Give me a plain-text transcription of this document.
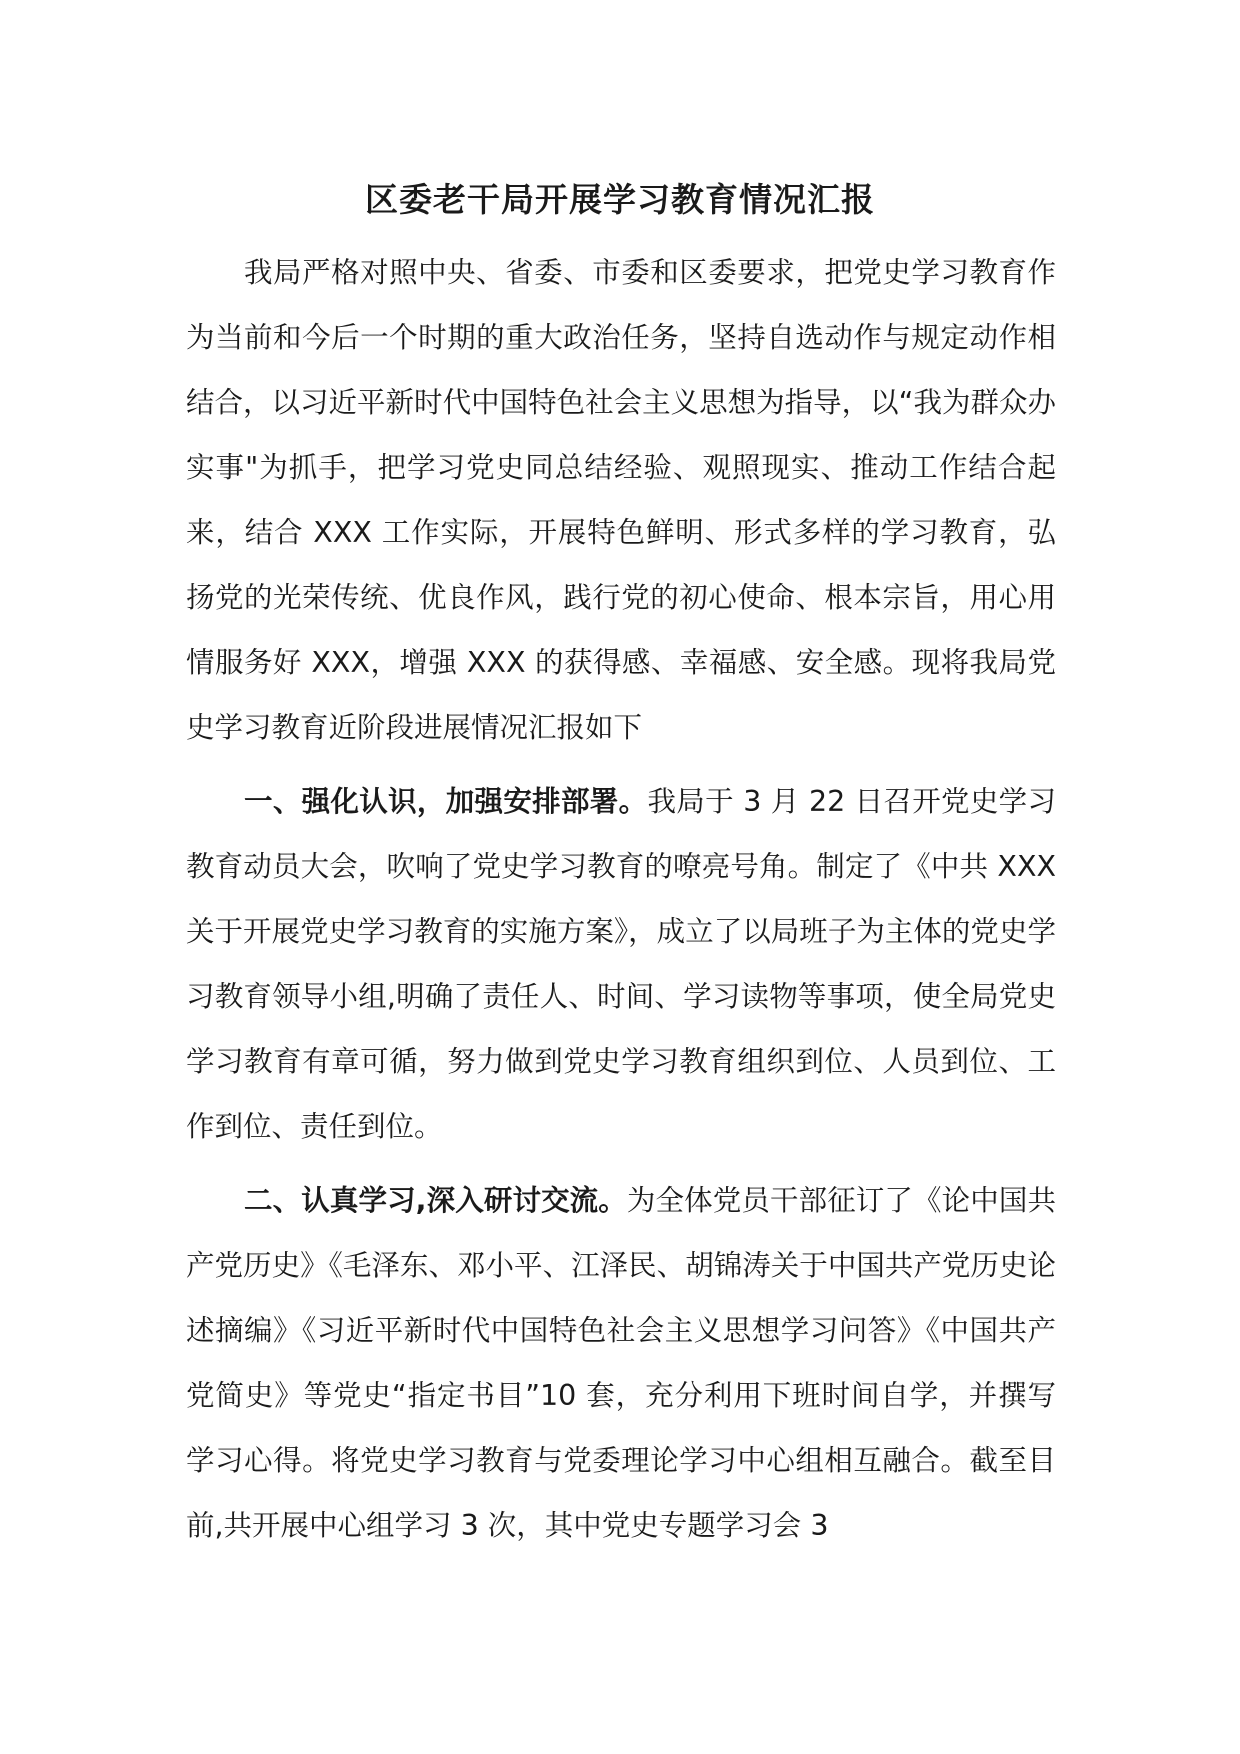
区委老干局开展学习教育情况汇报

我局严格对照中央、省委、市委和区委要求，把党史学习教育作为当前和今后一个时期的重大政治任务，坚持自选动作与规定动作相结合，以习近平新时代中国特色社会主义思想为指导，以“我为群众办实事"为抓手，把学习党史同总结经验、观照现实、推动工作结合起来，结合 XXX 工作实际，开展特色鲜明、形式多样的学习教育，弘扬党的光荣传统、优良作风，践行党的初心使命、根本宗旨，用心用情服务好 XXX，增强 XXX 的获得感、幸福感、安全感。现将我局党史学习教育近阶段进展情况汇报如下

一、强化认识，加强安排部署。我局于 3 月 22 日召开党史学习教育动员大会，吹响了党史学习教育的嘹亮号角。制定了《中共 XXX 关于开展党史学习教育的实施方案》，成立了以局班子为主体的党史学习教育领导小组,明确了责任人、时间、学习读物等事项，使全局党史学习教育有章可循，努力做到党史学习教育组织到位、人员到位、工作到位、责任到位。

二、认真学习,深入研讨交流。为全体党员干部征订了《论中国共产党历史》《毛泽东、邓小平、江泽民、胡锦涛关于中国共产党历史论述摘编》《习近平新时代中国特色社会主义思想学习问答》《中国共产党简史》等党史“指定书目”10 套，充分利用下班时间自学，并撰写学习心得。将党史学习教育与党委理论学习中心组相互融合。截至目前,共开展中心组学习 3 次，其中党史专题学习会 3
